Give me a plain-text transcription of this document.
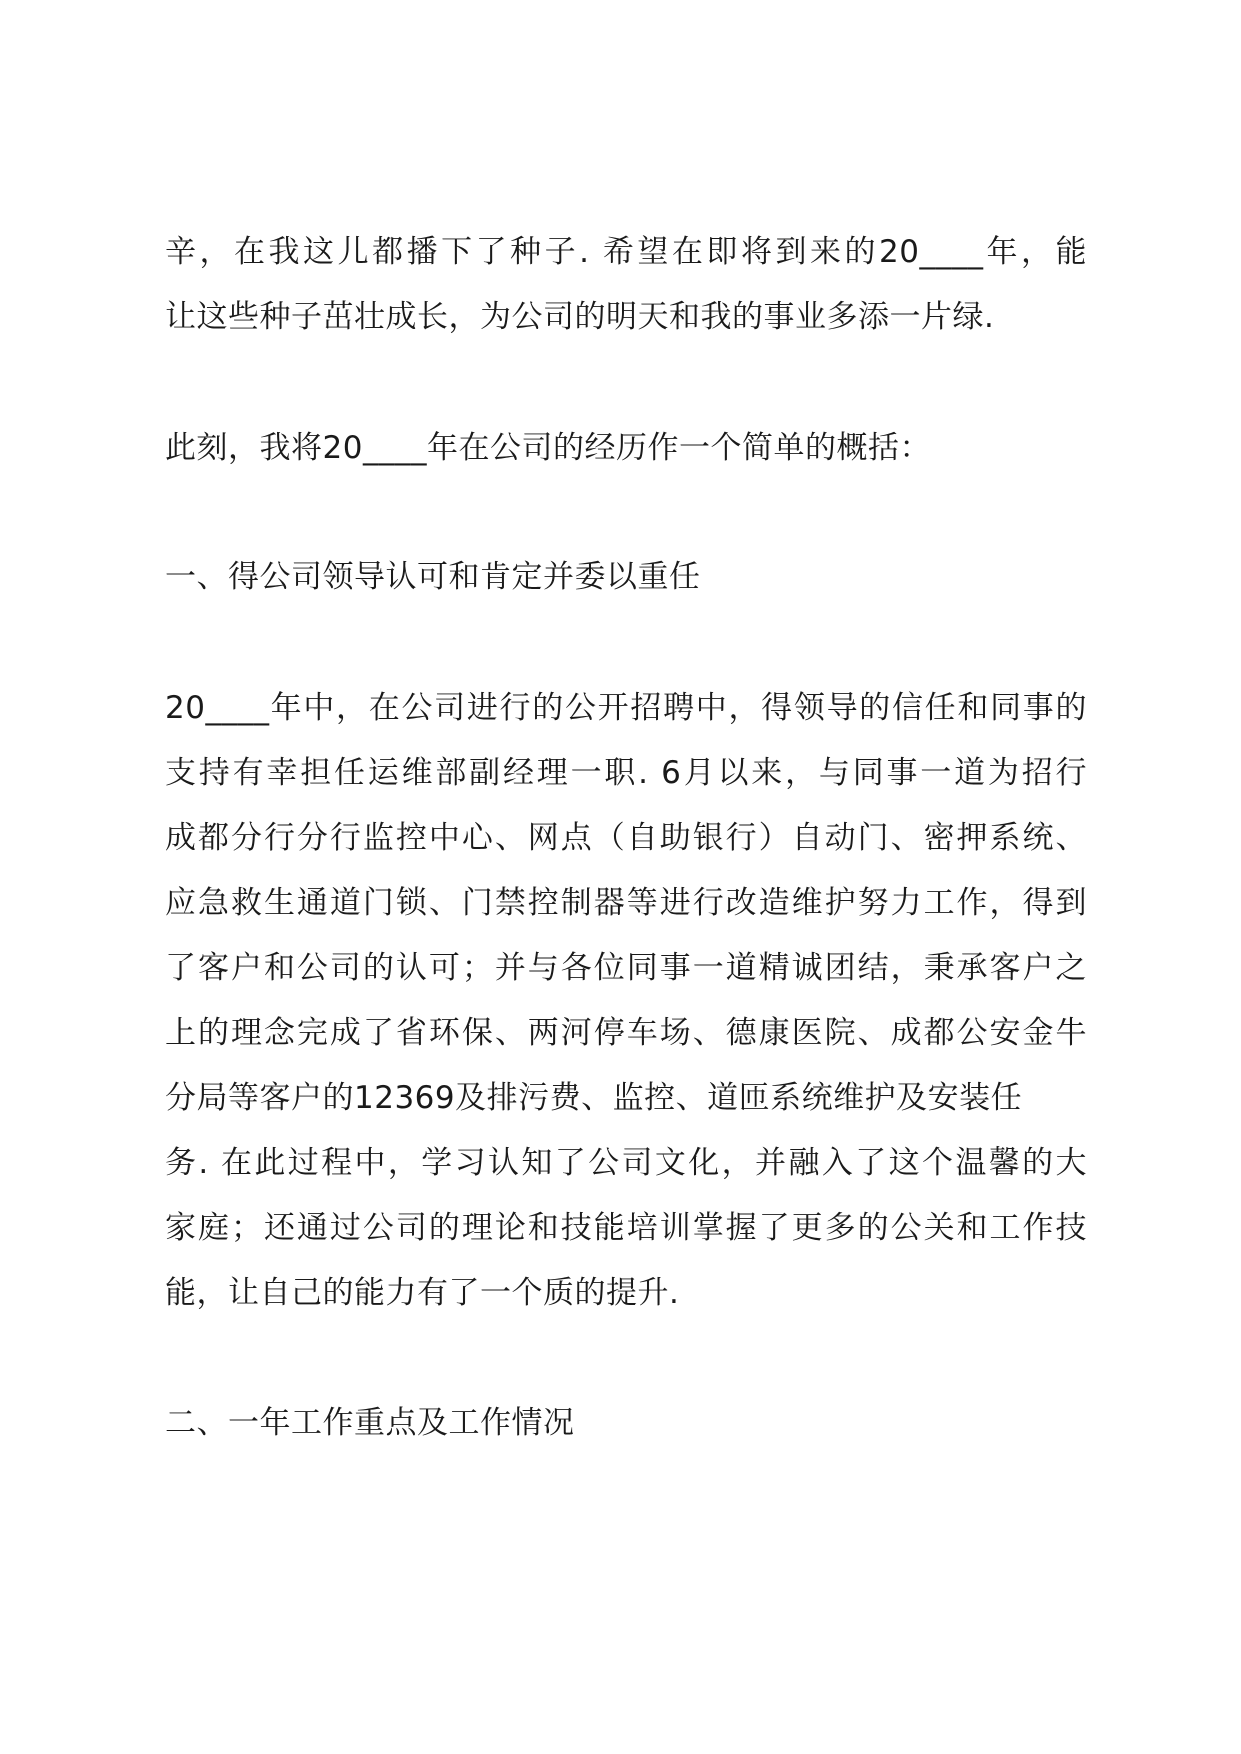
辛，在我这儿都播下了种子. 希望在即将到来的20____年，能
让这些种子茁壮成长，为公司的明天和我的事业多添一片绿.
此刻，我将20____年在公司的经历作一个简单的概括：
一、得公司领导认可和肯定并委以重任
20____年中，在公司进行的公开招聘中，得领导的信任和同事的
支持有幸担任运维部副经理一职. 6月以来，与同事一道为招行
成都分行分行监控中心、网点（自助银行）自动门、密押系统、
应急救生通道门锁、门禁控制器等进行改造维护努力工作，得到
了客户和公司的认可；并与各位同事一道精诚团结，秉承客户之
上的理念完成了省环保、两河停车场、德康医院、成都公安金牛
分局等客户的12369及排污费、监控、道匝系统维护及安装任
务. 在此过程中，学习认知了公司文化，并融入了这个温馨的大
家庭；还通过公司的理论和技能培训掌握了更多的公关和工作技
能，让自己的能力有了一个质的提升.
二、一年工作重点及工作情况
